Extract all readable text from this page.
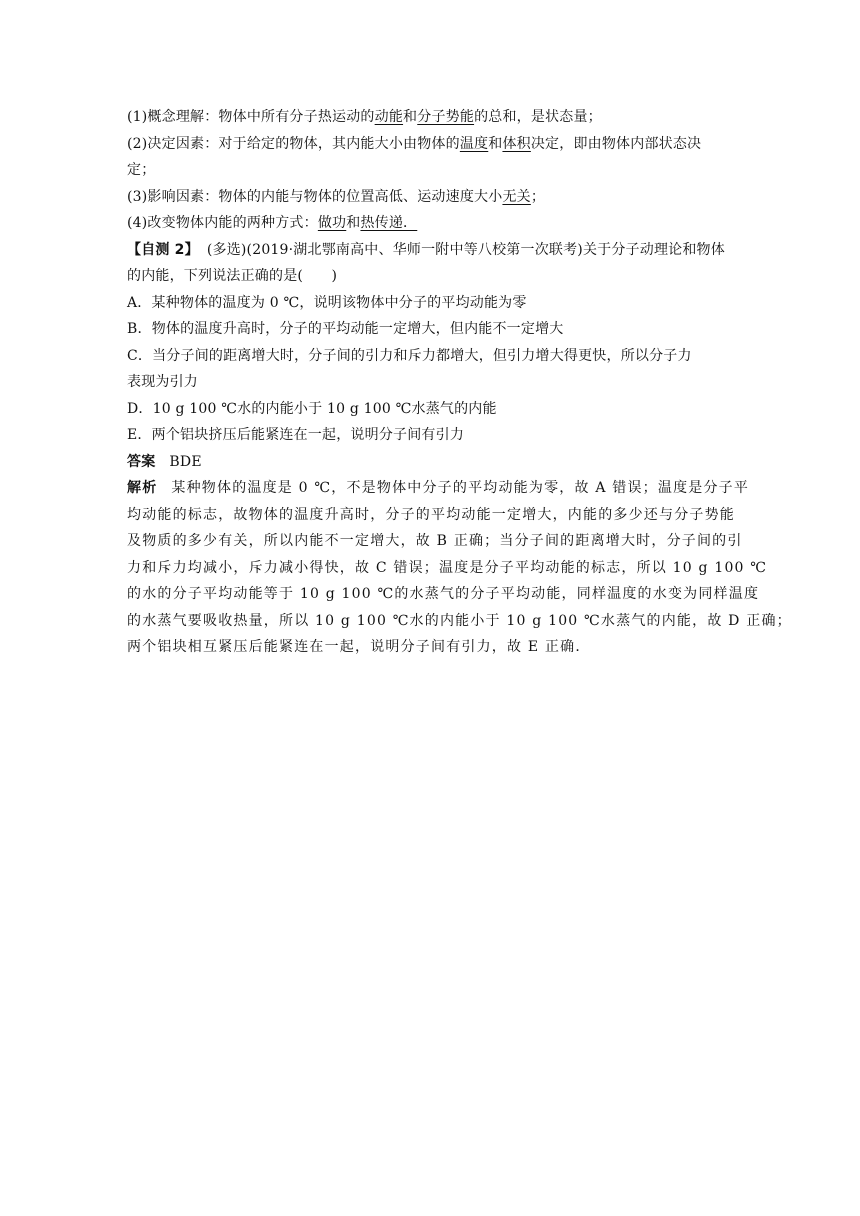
(1)概念理解：物体中所有分子热运动的动能和分子势能的总和，是状态量；

(2)决定因素：对于给定的物体，其内能大小由物体的温度和体积决定，即由物体内部状态决

定；

(3)影响因素：物体的内能与物体的位置高低、运动速度大小无关；

(4)改变物体内能的两种方式：做功和热传递．

【自测 2】 (多选)(2019·湖北鄂南高中、华师一附中等八校第一次联考)关于分子动理论和物体

的内能，下列说法正确的是(　　)

A．某种物体的温度为 0 ℃，说明该物体中分子的平均动能为零

B．物体的温度升高时，分子的平均动能一定增大，但内能不一定增大

C．当分子间的距离增大时，分子间的引力和斥力都增大，但引力增大得更快，所以分子力

表现为引力

D．10 g 100 ℃水的内能小于 10 g 100 ℃水蒸气的内能

E．两个铝块挤压后能紧连在一起，说明分子间有引力

答案 BDE

解析 某种物体的温度是 0 ℃，不是物体中分子的平均动能为零，故 A 错误；温度是分子平

均动能的标志，故物体的温度升高时，分子的平均动能一定增大，内能的多少还与分子势能

及物质的多少有关，所以内能不一定增大，故 B 正确；当分子间的距离增大时，分子间的引

力和斥力均减小，斥力减小得快，故 C 错误；温度是分子平均动能的标志，所以 10 g 100 ℃

的水的分子平均动能等于 10 g 100 ℃的水蒸气的分子平均动能，同样温度的水变为同样温度

的水蒸气要吸收热量，所以 10 g 100 ℃水的内能小于 10 g 100 ℃水蒸气的内能，故 D 正确；

两个铝块相互紧压后能紧连在一起，说明分子间有引力，故 E 正确．
